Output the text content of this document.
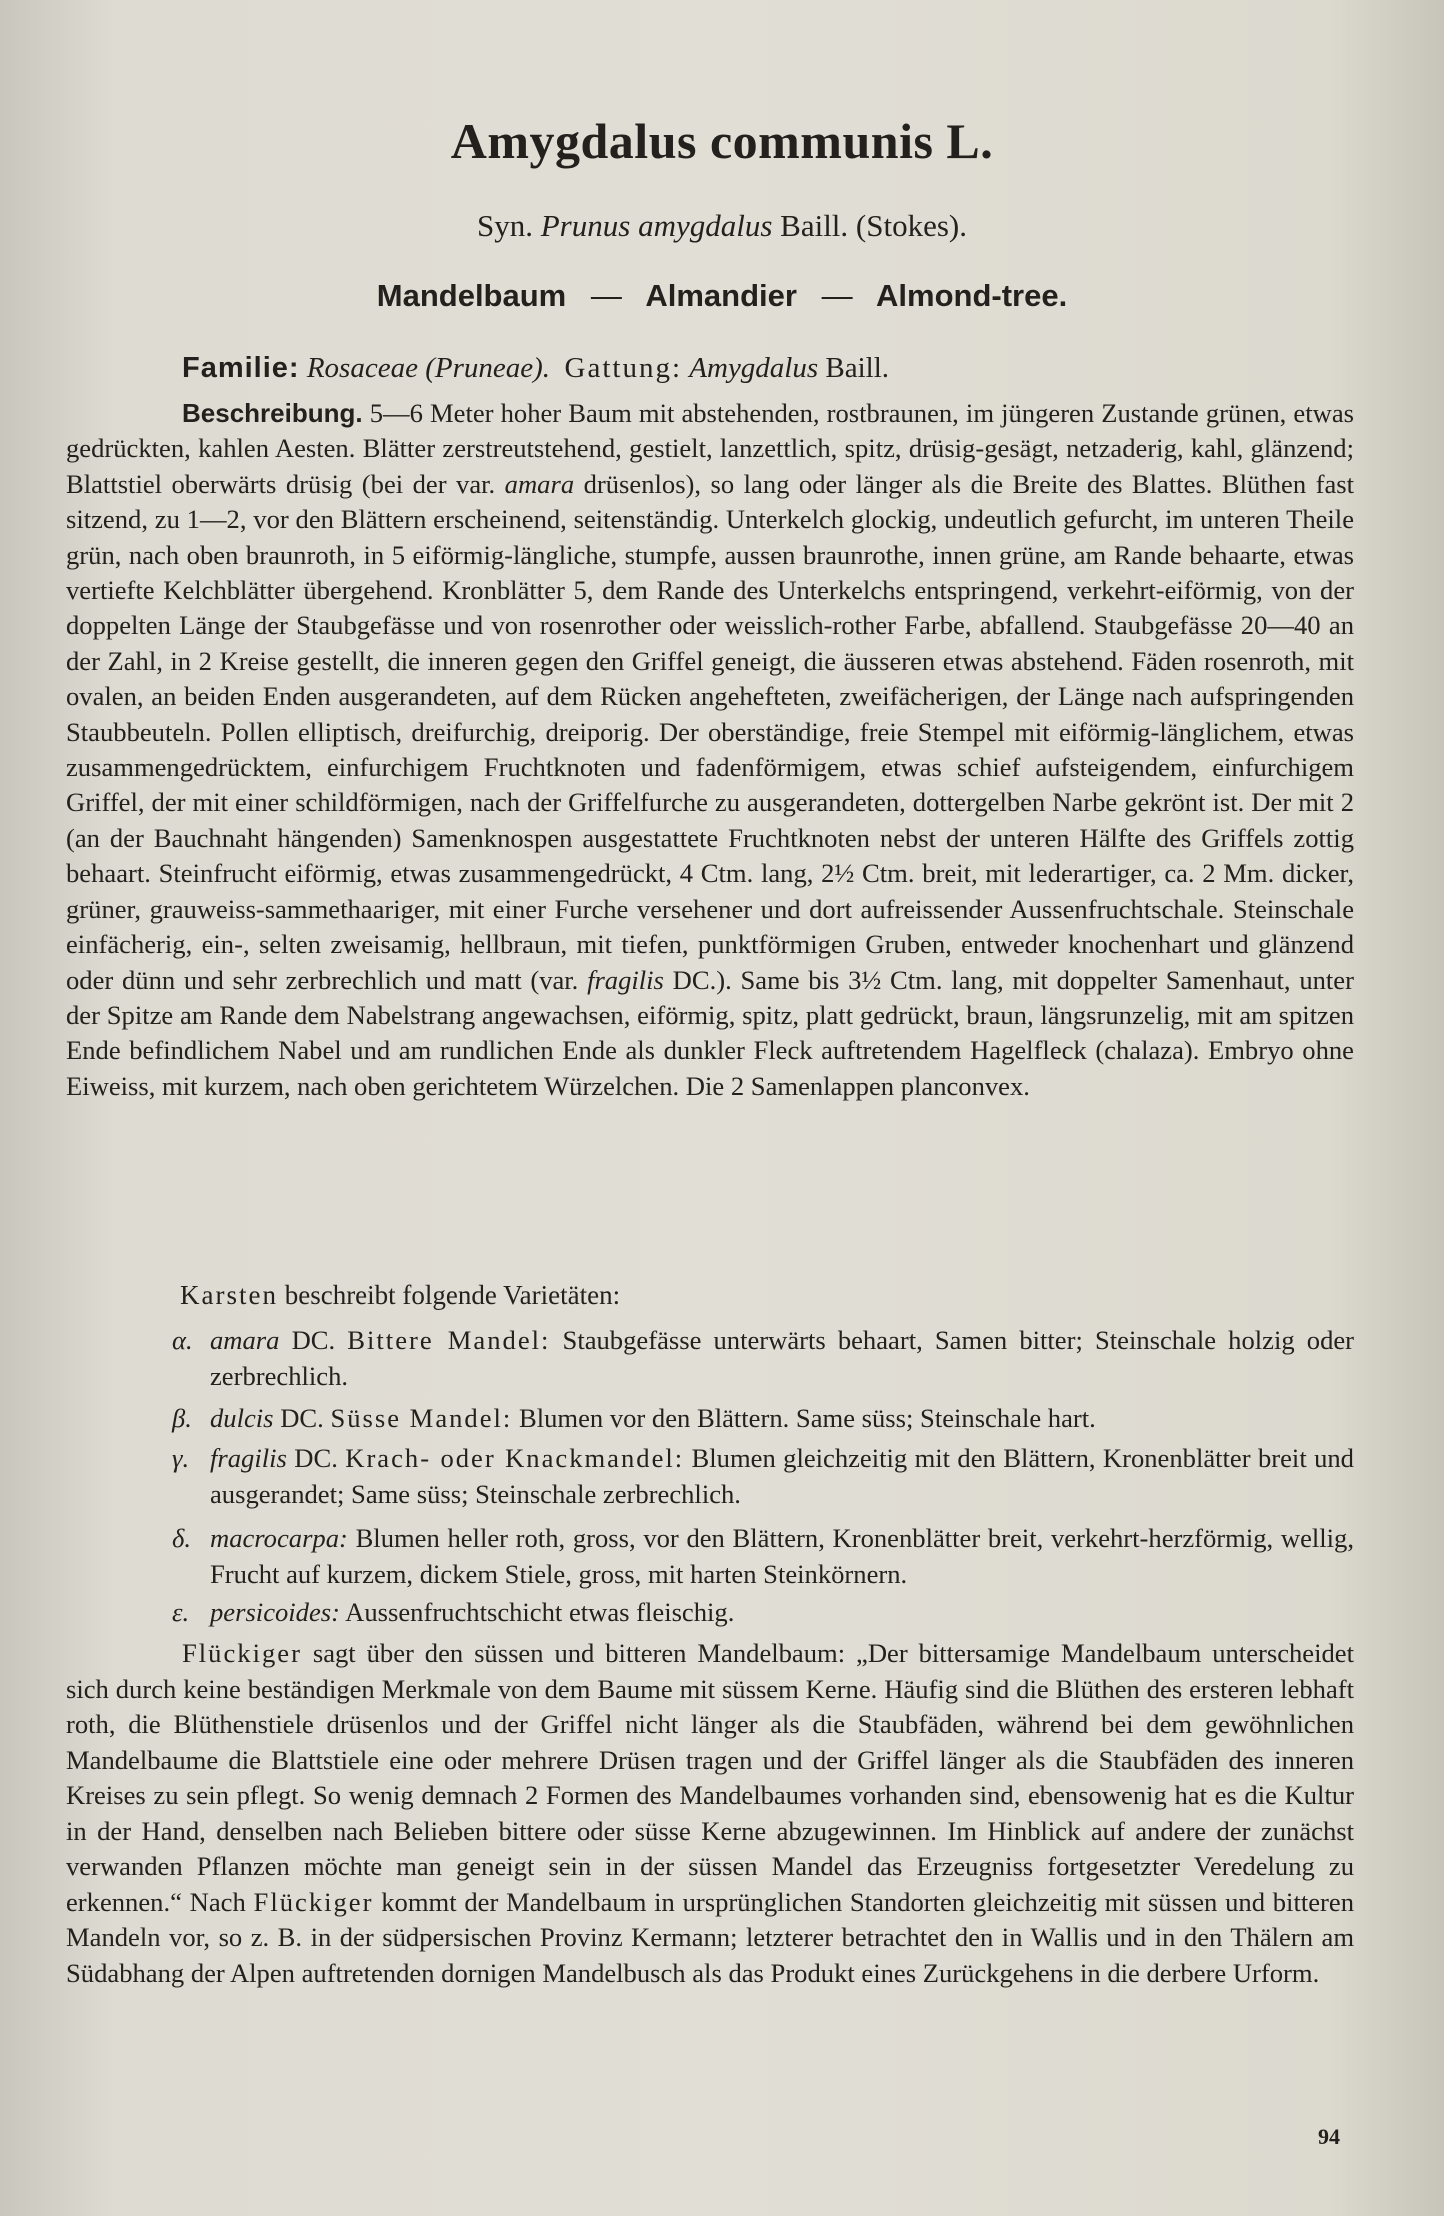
Amygdalus communis L.
Syn. Prunus amygdalus Baill. (Stokes).
Mandelbaum — Almandier — Almond-tree.
Familie: Rosaceae (Pruneae). Gattung: Amygdalus Baill.
Beschreibung. 5—6 Meter hoher Baum mit abstehenden, rostbraunen, im jüngeren Zustande grünen, etwas gedrückten, kahlen Aesten. Blätter zerstreutstehend, gestielt, lanzettlich, spitz, drüsig-gesägt, netzaderig, kahl, glänzend; Blattstiel oberwärts drüsig (bei der var. amara drüsenlos), so lang oder länger als die Breite des Blattes. Blüthen fast sitzend, zu 1—2, vor den Blättern erscheinend, seitenständig. Unterkelch glockig, undeutlich gefurcht, im unteren Theile grün, nach oben braunroth, in 5 eiförmig-längliche, stumpfe, aussen braunrothe, innen grüne, am Rande behaarte, etwas vertiefte Kelchblätter übergehend. Kronblätter 5, dem Rande des Unterkelchs entspringend, verkehrt-eiförmig, von der doppelten Länge der Staubgefässe und von rosenrother oder weisslich-rother Farbe, abfallend. Staubgefässe 20—40 an der Zahl, in 2 Kreise gestellt, die inneren gegen den Griffel geneigt, die äusseren etwas abstehend. Fäden rosenroth, mit ovalen, an beiden Enden ausgerandeten, auf dem Rücken angehefteten, zweifächerigen, der Länge nach aufspringenden Staubbeuteln. Pollen elliptisch, dreifurchig, dreiporig. Der oberständige, freie Stempel mit eiförmig-länglichem, etwas zusammengedrücktem, einfurchigem Fruchtknoten und fadenförmigem, etwas schief aufsteigendem, einfurchigem Griffel, der mit einer schildförmigen, nach der Griffelfurche zu ausgerandeten, dottergelben Narbe gekrönt ist. Der mit 2 (an der Bauchnaht hängenden) Samenknospen ausgestattete Fruchtknoten nebst der unteren Hälfte des Griffels zottig behaart. Steinfrucht eiförmig, etwas zusammengedrückt, 4 Ctm. lang, 2½ Ctm. breit, mit lederartiger, ca. 2 Mm. dicker, grüner, grauweiss-sammethaariger, mit einer Furche versehener und dort aufreissender Aussenfruchtschale. Steinschale einfächerig, ein-, selten zweisamig, hellbraun, mit tiefen, punktförmigen Gruben, entweder knochenhart und glänzend oder dünn und sehr zerbrechlich und matt (var. fragilis DC.). Same bis 3½ Ctm. lang, mit doppelter Samenhaut, unter der Spitze am Rande dem Nabelstrang angewachsen, eiförmig, spitz, platt gedrückt, braun, längsrunzelig, mit am spitzen Ende befindlichem Nabel und am rundlichen Ende als dunkler Fleck auftretendem Hagelfleck (chalaza). Embryo ohne Eiweiss, mit kurzem, nach oben gerichtetem Würzelchen. Die 2 Samenlappen planconvex.
Karsten beschreibt folgende Varietäten:
α. amara DC. Bittere Mandel: Staubgefässe unterwärts behaart, Samen bitter; Steinschale holzig oder zerbrechlich.
β. dulcis DC. Süsse Mandel: Blumen vor den Blättern. Same süss; Steinschale hart.
γ. fragilis DC. Krach- oder Knackmandel: Blumen gleichzeitig mit den Blättern, Kronenblätter breit und ausgerandet; Same süss; Steinschale zerbrechlich.
δ. macrocarpa: Blumen heller roth, gross, vor den Blättern, Kronenblätter breit, verkehrt-herzförmig, wellig, Frucht auf kurzem, dickem Stiele, gross, mit harten Steinkörnern.
ε. persicoides: Aussenfruchtschicht etwas fleischig.
Flückiger sagt über den süssen und bitteren Mandelbaum: „Der bittersamige Mandelbaum unterscheidet sich durch keine beständigen Merkmale von dem Baume mit süssem Kerne. Häufig sind die Blüthen des ersteren lebhaft roth, die Blüthenstiele drüsenlos und der Griffel nicht länger als die Staubfäden, während bei dem gewöhnlichen Mandelbaume die Blattstiele eine oder mehrere Drüsen tragen und der Griffel länger als die Staubfäden des inneren Kreises zu sein pflegt. So wenig demnach 2 Formen des Mandelbaumes vorhanden sind, ebensowenig hat es die Kultur in der Hand, denselben nach Belieben bittere oder süsse Kerne abzugewinnen. Im Hinblick auf andere der zunächst verwanden Pflanzen möchte man geneigt sein in der süssen Mandel das Erzeugniss fortgesetzter Veredelung zu erkennen.“ Nach Flückiger kommt der Mandelbaum in ursprünglichen Standorten gleichzeitig mit süssen und bitteren Mandeln vor, so z. B. in der südpersischen Provinz Kermann; letzterer betrachtet den in Wallis und in den Thälern am Südabhang der Alpen auftretenden dornigen Mandelbusch als das Produkt eines Zurückgehens in die derbere Urform.
94
